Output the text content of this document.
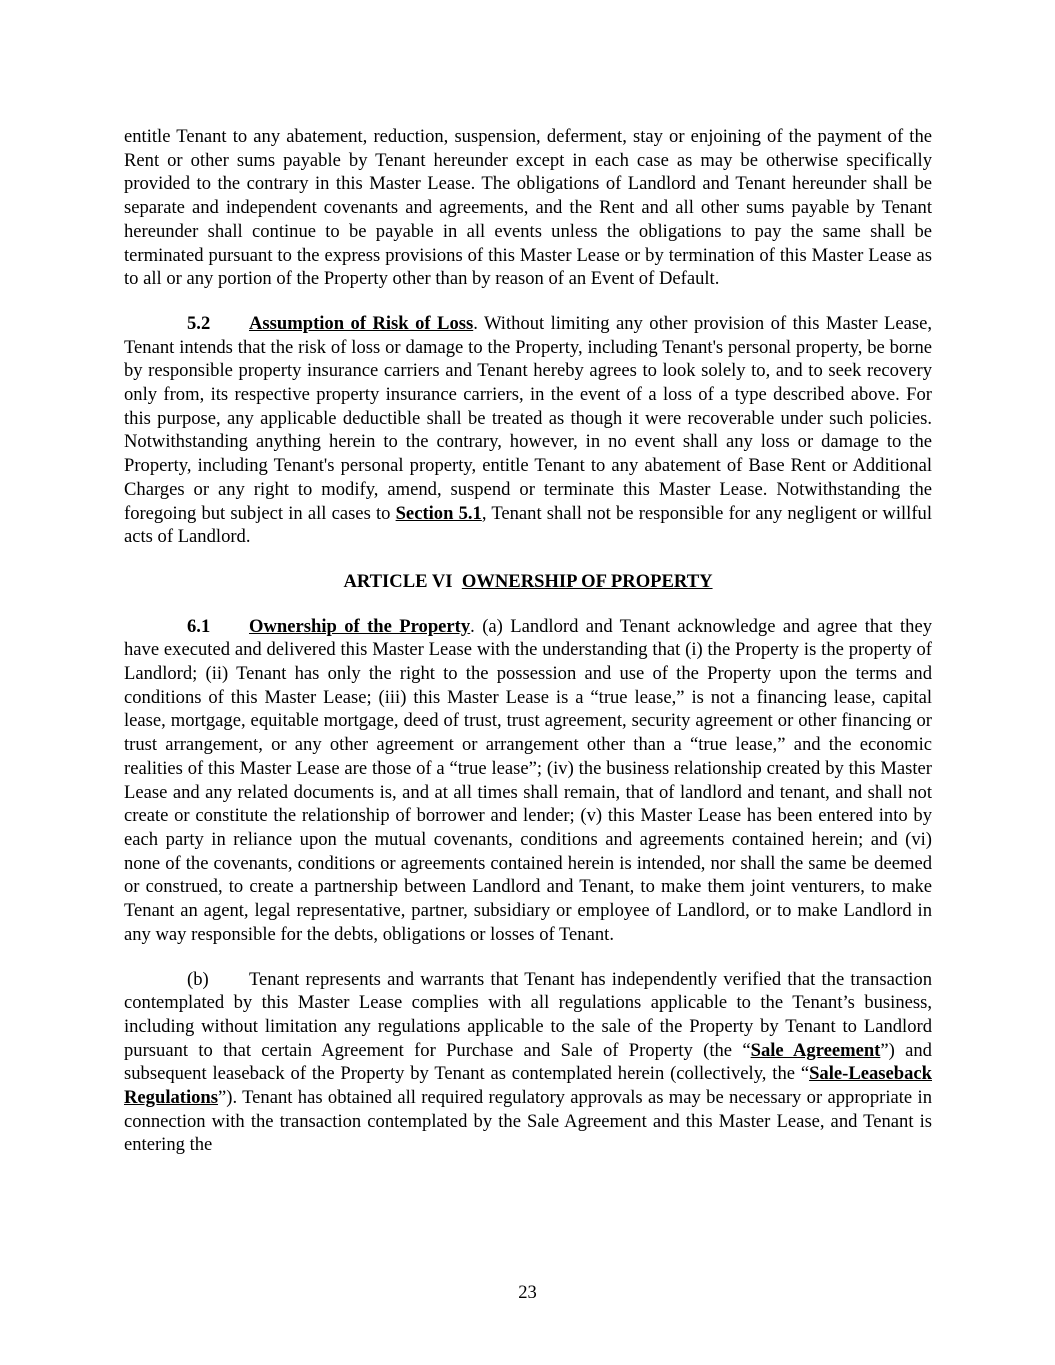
entitle Tenant to any abatement, reduction, suspension, deferment, stay or enjoining of the payment of the Rent or other sums payable by Tenant hereunder except in each case as may be otherwise specifically provided to the contrary in this Master Lease. The obligations of Landlord and Tenant hereunder shall be separate and independent covenants and agreements, and the Rent and all other sums payable by Tenant hereunder shall continue to be payable in all events unless the obligations to pay the same shall be terminated pursuant to the express provisions of this Master Lease or by termination of this Master Lease as to all or any portion of the Property other than by reason of an Event of Default.

5.2 Assumption of Risk of Loss. Without limiting any other provision of this Master Lease, Tenant intends that the risk of loss or damage to the Property, including Tenant's personal property, be borne by responsible property insurance carriers and Tenant hereby agrees to look solely to, and to seek recovery only from, its respective property insurance carriers, in the event of a loss of a type described above. For this purpose, any applicable deductible shall be treated as though it were recoverable under such policies. Notwithstanding anything herein to the contrary, however, in no event shall any loss or damage to the Property, including Tenant's personal property, entitle Tenant to any abatement of Base Rent or Additional Charges or any right to modify, amend, suspend or terminate this Master Lease. Notwithstanding the foregoing but subject in all cases to Section 5.1, Tenant shall not be responsible for any negligent or willful acts of Landlord.

ARTICLE VI OWNERSHIP OF PROPERTY

6.1 Ownership of the Property. (a) Landlord and Tenant acknowledge and agree that they have executed and delivered this Master Lease with the understanding that (i) the Property is the property of Landlord; (ii) Tenant has only the right to the possession and use of the Property upon the terms and conditions of this Master Lease; (iii) this Master Lease is a “true lease,” is not a financing lease, capital lease, mortgage, equitable mortgage, deed of trust, trust agreement, security agreement or other financing or trust arrangement, or any other agreement or arrangement other than a “true lease,” and the economic realities of this Master Lease are those of a “true lease”; (iv) the business relationship created by this Master Lease and any related documents is, and at all times shall remain, that of landlord and tenant, and shall not create or constitute the relationship of borrower and lender; (v) this Master Lease has been entered into by each party in reliance upon the mutual covenants, conditions and agreements contained herein; and (vi) none of the covenants, conditions or agreements contained herein is intended, nor shall the same be deemed or construed, to create a partnership between Landlord and Tenant, to make them joint venturers, to make Tenant an agent, legal representative, partner, subsidiary or employee of Landlord, or to make Landlord in any way responsible for the debts, obligations or losses of Tenant.

(b) Tenant represents and warrants that Tenant has independently verified that the transaction contemplated by this Master Lease complies with all regulations applicable to the Tenant’s business, including without limitation any regulations applicable to the sale of the Property by Tenant to Landlord pursuant to that certain Agreement for Purchase and Sale of Property (the “Sale Agreement”) and subsequent leaseback of the Property by Tenant as contemplated herein (collectively, the “Sale-Leaseback Regulations”). Tenant has obtained all required regulatory approvals as may be necessary or appropriate in connection with the transaction contemplated by the Sale Agreement and this Master Lease, and Tenant is entering the

23
